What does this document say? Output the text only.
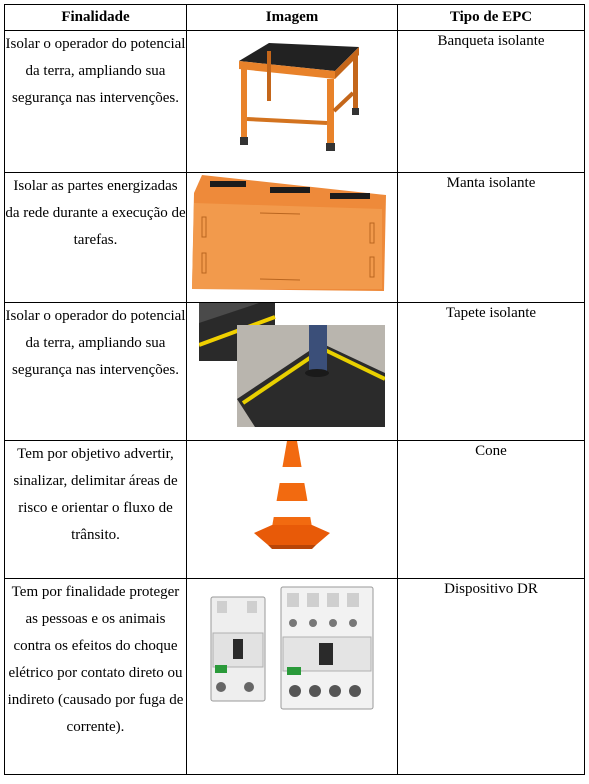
Finalidade	Imagem	Tipo de EPC
Isolar o operador do potencial da terra, ampliando sua segurança nas intervenções.		Banqueta isolante
Isolar as partes energizadas da rede durante a execução de tarefas.		Manta isolante
Isolar o operador do potencial da terra, ampliando sua segurança nas intervenções.		Tapete isolante
Tem por objetivo advertir, sinalizar, delimitar áreas de risco e orientar o fluxo de trânsito.		Cone
Tem por finalidade proteger as pessoas e os animais contra os efeitos do choque elétrico por contato direto ou indireto (causado por fuga de corrente).		Dispositivo DR
